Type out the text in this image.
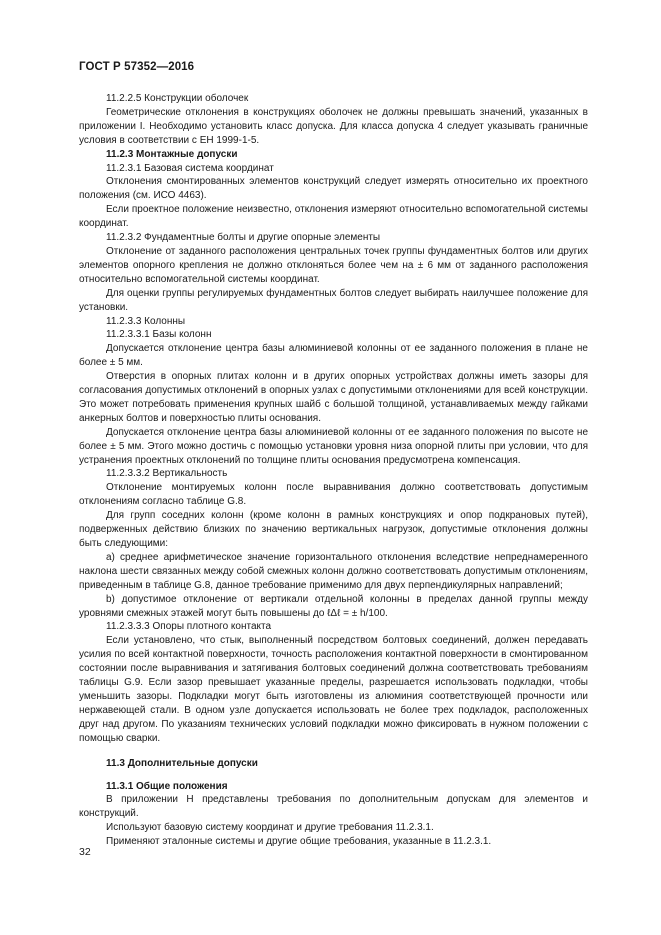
ГОСТ Р 57352—2016

11.2.2.5 Конструкции оболочек

Геометрические отклонения в конструкциях оболочек не должны превышать значений, указанных в приложении I. Необходимо установить класс допуска. Для класса допуска 4 следует указывать граничные условия в соответствии с ЕН 1999-1-5.

11.2.3 Монтажные допуски

11.2.3.1 Базовая система координат

Отклонения смонтированных элементов конструкций следует измерять относительно их проектного положения (см. ИСО 4463).

Если проектное положение неизвестно, отклонения измеряют относительно вспомогательной системы координат.

11.2.3.2 Фундаментные болты и другие опорные элементы

Отклонение от заданного расположения центральных точек группы фундаментных болтов или других элементов опорного крепления не должно отклоняться более чем на ± 6 мм от заданного расположения относительно вспомогательной системы координат.

Для оценки группы регулируемых фундаментных болтов следует выбирать наилучшее положение для установки.

11.2.3.3 Колонны

11.2.3.3.1 Базы колонн

Допускается отклонение центра базы алюминиевой колонны от ее заданного положения в плане не более ± 5 мм.

Отверстия в опорных плитах колонн и в других опорных устройствах должны иметь зазоры для согласования допустимых отклонений в опорных узлах с допустимыми отклонениями для всей конструкции. Это может потребовать применения крупных шайб с большой толщиной, устанавливаемых между гайками анкерных болтов и поверхностью плиты основания.

Допускается отклонение центра базы алюминиевой колонны от ее заданного положения по высоте не более ± 5 мм. Этого можно достичь с помощью установки уровня низа опорной плиты при условии, что для устранения проектных отклонений по толщине плиты основания предусмотрена компенсация.

11.2.3.3.2 Вертикальность

Отклонение монтируемых колонн после выравнивания должно соответствовать допустимым отклонениям согласно таблице G.8.

Для групп соседних колонн (кроме колонн в рамных конструкциях и опор подкрановых путей), подверженных действию близких по значению вертикальных нагрузок, допустимые отклонения должны быть следующими:

a) среднее арифметическое значение горизонтального отклонения вследствие непреднамеренного наклона шести связанных между собой смежных колонн должно соответствовать допустимым отклонениям, приведенным в таблице G.8, данное требование применимо для двух перпендикулярных направлений;

b) допустимое отклонение от вертикали отдельной колонны в пределах данной группы между уровнями смежных этажей могут быть повышены до ℓΔℓ = ± h/100.

11.2.3.3.3 Опоры плотного контакта

Если установлено, что стык, выполненный посредством болтовых соединений, должен передавать усилия по всей контактной поверхности, точность расположения контактной поверхности в смонтированном состоянии после выравнивания и затягивания болтовых соединений должна соответствовать требованиям таблицы G.9. Если зазор превышает указанные пределы, разрешается использовать подкладки, чтобы уменьшить зазоры. Подкладки могут быть изготовлены из алюминия соответствующей прочности или нержавеющей стали. В одном узле допускается использовать не более трех подкладок, расположенных друг над другом. По указаниям технических условий подкладки можно фиксировать в нужном положении с помощью сварки.

11.3 Дополнительные допуски

11.3.1 Общие положения

В приложении Н представлены требования по дополнительным допускам для элементов и конструкций.

Используют базовую систему координат и другие требования 11.2.3.1.

Применяют эталонные системы и другие общие требования, указанные в 11.2.3.1.

32
